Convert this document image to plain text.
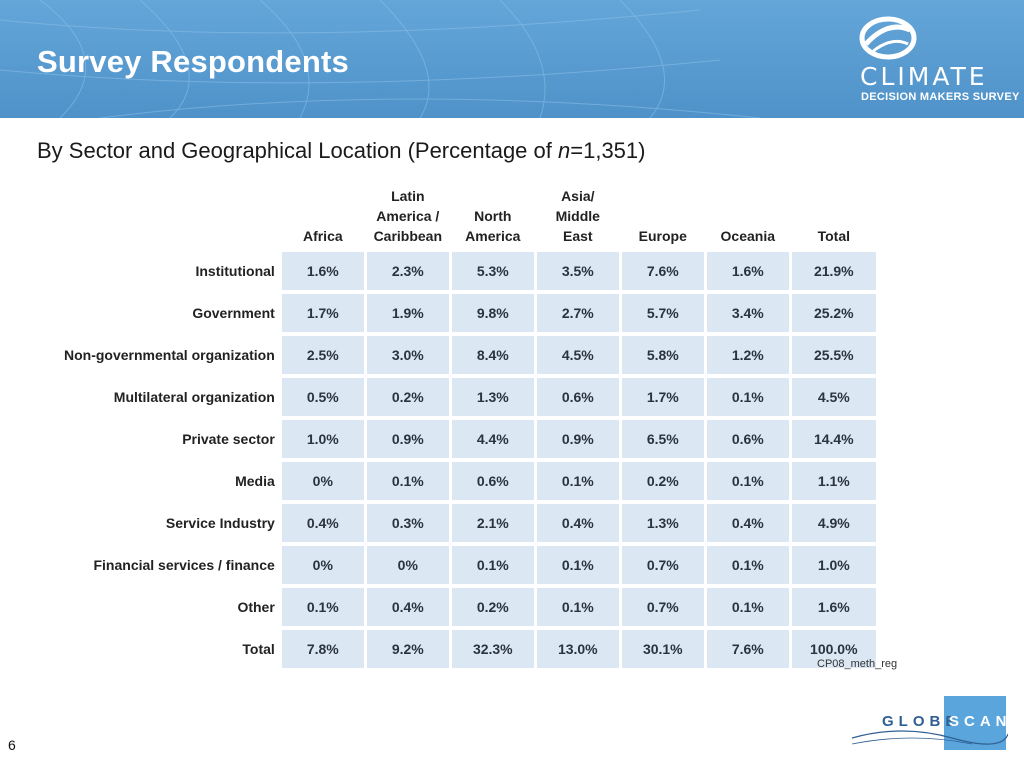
Survey Respondents	CLIMATE
DECISION MAKERS SURVEY
By Sector and Geographical Location (Percentage of n=1,351)

	Africa	Latin
America /
Caribbean	North
America	Asia/
Middle
East	Europe	Oceania	Total

Institutional	1.6%	2.3%	5.3%	3.5%	7.6%	1.6%	21.9%
Government	1.7%	1.9%	9.8%	2.7%	5.7%	3.4%	25.2%
Non-governmental organization	2.5%	3.0%	8.4%	4.5%	5.8%	1.2%	25.5%
Multilateral organization	0.5%	0.2%	1.3%	0.6%	1.7%	0.1%	4.5%
Private sector	1.0%	0.9%	4.4%	0.9%	6.5%	0.6%	14.4%
Media	0%	0.1%	0.6%	0.1%	0.2%	0.1%	1.1%
Service Industry	0.4%	0.3%	2.1%	0.4%	1.3%	0.4%	4.9%
Financial services / finance	0%	0%	0.1%	0.1%	0.7%	0.1%	1.0%
Other	0.1%	0.4%	0.2%	0.1%	0.7%	0.1%	1.6%
Total	7.8%	9.2%	32.3%	13.0%	30.1%	7.6%	100.0%
CP08_meth_reg
6
GLOBE
SCAN
